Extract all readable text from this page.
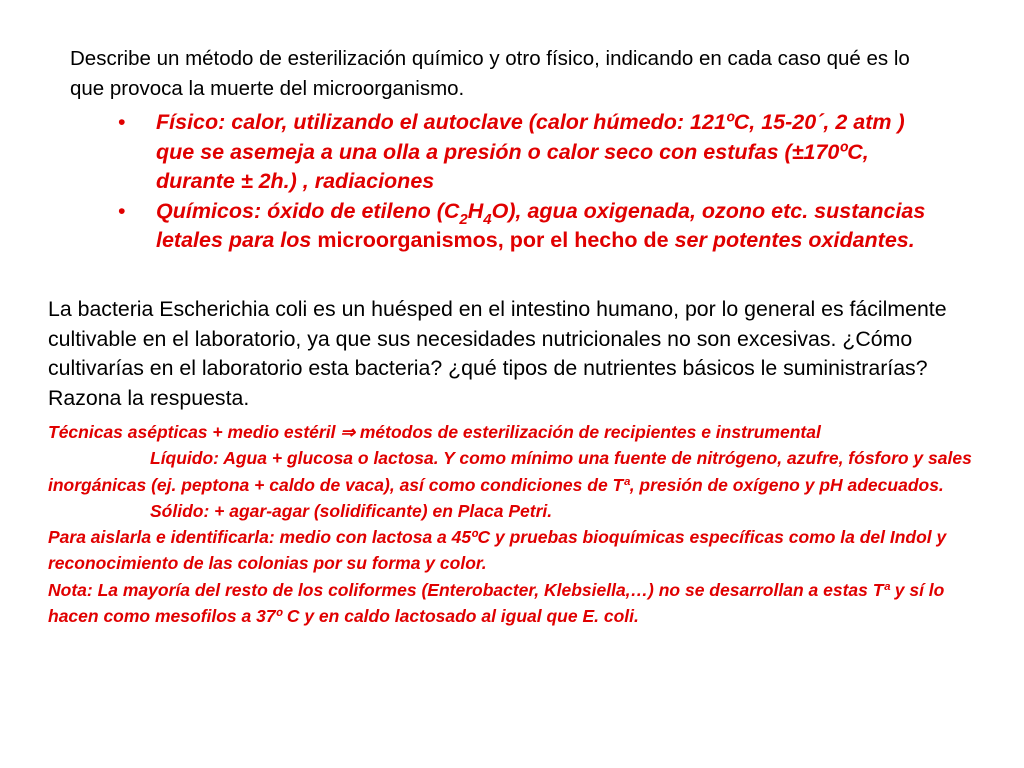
Describe un método de esterilización químico y otro físico, indicando en cada caso qué es lo que provoca la muerte del microorganismo.
• Físico: calor, utilizando el autoclave (calor húmedo: 121ºC, 15-20´, 2 atm ) que se asemeja a una olla a presión o calor seco con estufas (±170ºC, durante ± 2h.) , radiaciones
• Químicos: óxido de etileno $(C_2H_4O)$, agua oxigenada, ozono etc. sustancias letales para los microorganismos, por el hecho de ser potentes oxidantes.
La bacteria Escherichia coli es un huésped en el intestino humano, por lo general es fácilmente cultivable en el laboratorio, ya que sus necesidades nutricionales no son excesivas. ¿Cómo cultivarías en el laboratorio esta bacteria? ¿qué tipos de nutrientes básicos le suministrarías? Razona la respuesta.

Técnicas asépticas + medio estéril ⇒ métodos de esterilización de recipientes e instrumental

Líquido: Agua + glucosa o lactosa. Y como mínimo una fuente de nitrógeno, azufre, fósforo y sales inorgánicas (ej. peptona + caldo de vaca), así como condiciones de Tª, presión de oxígeno y pH adecuados.

Sólido: + agar-agar (solidificante) en Placa Petri.

Para aislarla e identificarla: medio con lactosa a 45ºC y pruebas bioquímicas específicas como la del Indol y reconocimiento de las colonias por su forma y color.

Nota: La mayoría del resto de los coliformes (Enterobacter, Klebsiella,…) no se desarrollan a estas Tª y sí lo hacen como mesofilos a 37º C y en caldo lactosado al igual que E. coli.
